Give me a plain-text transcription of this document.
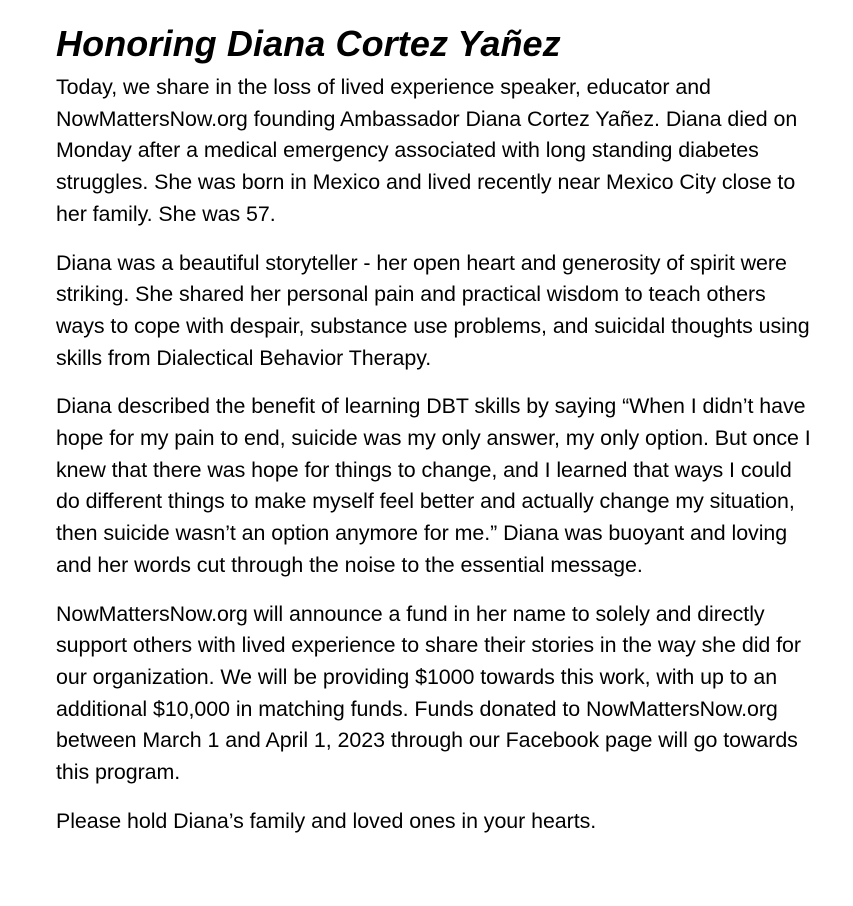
Honoring Diana Cortez Yañez

Today, we share in the loss of lived experience speaker, educator and NowMattersNow.org founding Ambassador Diana Cortez Yañez. Diana died on Monday after a medical emergency associated with long standing diabetes struggles. She was born in Mexico and lived recently near Mexico City close to her family. She was 57.

Diana was a beautiful storyteller - her open heart and generosity of spirit were striking. She shared her personal pain and practical wisdom to teach others ways to cope with despair, substance use problems, and suicidal thoughts using skills from Dialectical Behavior Therapy.

Diana described the benefit of learning DBT skills by saying “When I didn’t have hope for my pain to end, suicide was my only answer, my only option. But once I knew that there was hope for things to change, and I learned that ways I could do different things to make myself feel better and actually change my situation, then suicide wasn’t an option anymore for me.” Diana was buoyant and loving and her words cut through the noise to the essential message.

NowMattersNow.org will announce a fund in her name to solely and directly support others with lived experience to share their stories in the way she did for our organization. We will be providing $1000 towards this work, with up to an additional $10,000 in matching funds. Funds donated to NowMattersNow.org between March 1 and April 1, 2023 through our Facebook page will go towards this program.

Please hold Diana’s family and loved ones in your hearts.
